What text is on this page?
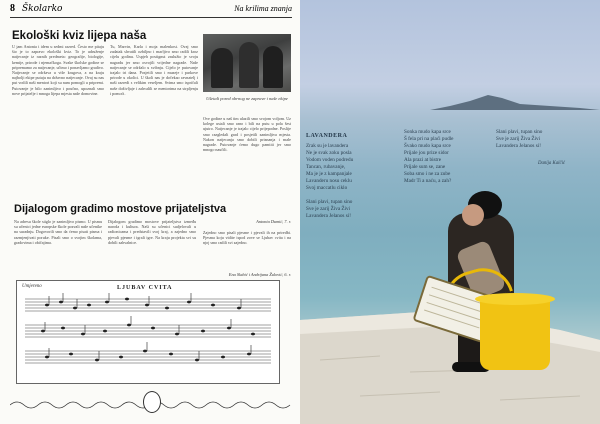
8 Školarko	Na krilima znanja
Ekološki kviz lijepa naša
U jam Antonia i idem u sedmi razred. Često me pitaju što je to zapravo ekološki kviz. To je udruženje natjecanje iz raznih predmeta: geografije, biologije, kemije, prirode i njemačkoga. Svake školske godine se pripremamo za natjecanje, učimo i ponavljamo gradivo. Natjecanje se održava u više krugova, a na kraju najbolji ekipe putuju na državno natjecanje. Ovaj su nas put vodili naši mentori koji su nam pomogli u pripremi. Putovanje je bilo zanimljivo i poučno, upoznali smo nove prijatelje i mnoga lijepa mjesta naše domovine.
Tu, Marvin, Karla i moja malenkost. Ovaj smo zadatak shvatili ozbiljno i marljivo smo radili kroz cijelu godinu. Uspjeh postignut zaslužio je svoju nagradu jer smo osvojili vrijedne nagrade. Naše natjecanje se održalo u svibnju. Cijelo je putovanje trajalo tri dana. Posjetili smo i muzeje i parkove prirode u okolici. U školi nas je dočekao ravnatelj i naši razredi s velikim veseljem. Svima smo ispričali naše doživljaje i zahvalili se mentorima na strpljenju i pomoći.
Ušetali pored obrnog ne zaprave i naše ekipe
Ove godine u naš tim ulazili smo svojom voljom. Uz kolege ustali smo rano i bili na putu u pola šest ujutro. Natjecanje je trajalo cijelo prijepodne. Poslije smo razgledali grad i posjetili zanimljiva mjesta. Nakon natjecanja smo dobili priznanja i male nagrade. Putovanje ćemo dugo pamtiti jer smo mnogo naučili.
Antonia Dumić, 7. r.
Dijalogom gradimo mostove prijateljstva
Na adresu škole stiglo je zanimljivo pismo. U pismu su učenici jedne europske škole pozvali naše učenike na suradnju. Dogovorili smo da ćemo pisati pisma i razmjenjivati poruke. Pisali smo o svojim školama, gradovima i običajima.
Dijalogom gradimo mostove prijateljstva između naroda i kultura. Naši su učenici sudjelovali u radionicama i predstavili svoj kraj, a zajedno smo pjevali pjesme i igrali igre. Na kraju projekta svi su dobili zahvalnice.
Zajedno smo pisali pjesme i pjevali ih na priredbi. Pjesma koju vidite ispod zove se Ljubav cvita i na njoj smo radili svi zajedno.
Ena Slabić i Andrijana Žulović, 6. r.
Umjereno	LJUBAV CVITA
LAVANDERA
Zrak su je lavandera
Ne je svak zoku posla
Vodom voden podredu
Tancan, rubavanje,
Ma je je z kampanjale
Lavanderu nosu ceklu
Svoj maccatlu ciklo
Slani plavi, tupan sino
Sve je zarij Živa Živi
Lavandera Jelanos si!
Sonka mudo kapa srce
Š fela pri na plaći pudle
Švako mudo kapa srce
Prijale jou prize sidor
Ala prazi at bistre
Prijale sum se, zane
Soba smo i ne za zube
Madr Ti a naću, a zah?
Slani plavi, tupan sino
Sve je zarij Živa Živi
Lavandera Jelanos si!
Danija Kalčić
